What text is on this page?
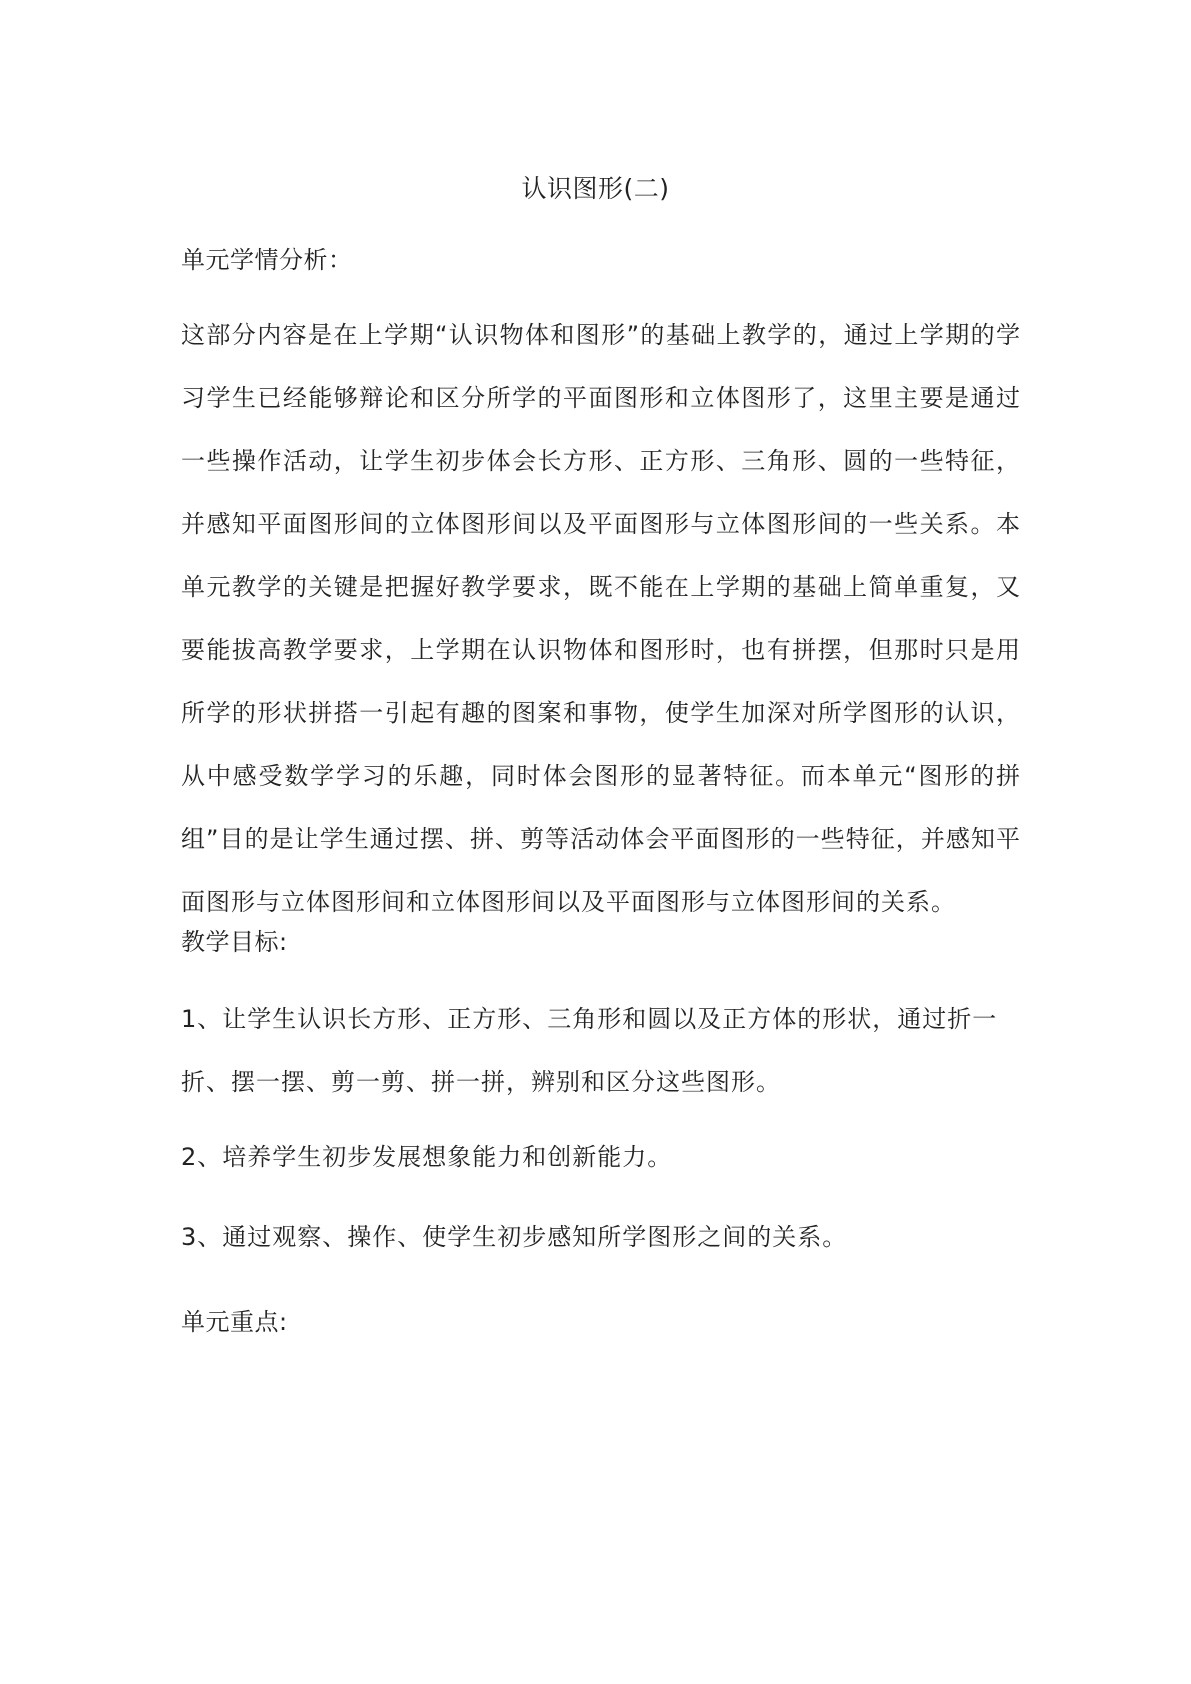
认识图形(二)
单元学情分析：

这部分内容是在上学期“认识物体和图形”的基础上教学的，通过上学期的学习学生已经能够辩论和区分所学的平面图形和立体图形了，这里主要是通过一些操作活动，让学生初步体会长方形、正方形、三角形、圆的一些特征，并感知平面图形间的立体图形间以及平面图形与立体图形间的一些关系。本单元教学的关键是把握好教学要求，既不能在上学期的基础上简单重复，又要能拔高教学要求，上学期在认识物体和图形时，也有拼摆，但那时只是用所学的形状拼搭一引起有趣的图案和事物，使学生加深对所学图形的认识，从中感受数学学习的乐趣，同时体会图形的显著特征。而本单元“图形的拼组”目的是让学生通过摆、拼、剪等活动体会平面图形的一些特征，并感知平面图形与立体图形间和立体图形间以及平面图形与立体图形间的关系。

教学目标:

1、让学生认识长方形、正方形、三角形和圆以及正方体的形状，通过折一折、摆一摆、剪一剪、拼一拼，辨别和区分这些图形。

2、培养学生初步发展想象能力和创新能力。

3、通过观察、操作、使学生初步感知所学图形之间的关系。

单元重点:
